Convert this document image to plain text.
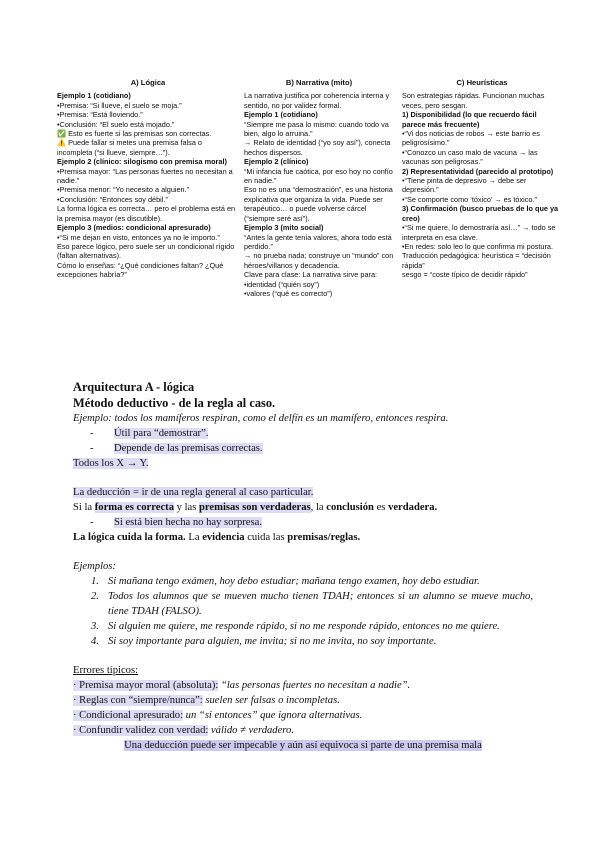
A) Lógica

Ejemplo 1 (cotidiano)

•Premisa: “Si llueve, el suelo se moja.”

•Premisa: “Está lloviendo.”

•Conclusión: “El suelo está mojado.”

✅ Esto es fuerte si las premisas son correctas.

⚠️ Puede fallar si metes una premisa falsa o incompleta (“si llueve, siempre…”).

Ejemplo 2 (clínico: silogismo con premisa moral)

•Premisa mayor: “Las personas fuertes no necesitan a nadie.”

•Premisa menor: “Yo necesito a alguien.”

•Conclusión: “Entonces soy débil.”

La forma lógica es correcta… pero el problema está en la premisa mayor (es discutible).

Ejemplo 3 (medios: condicional apresurado)

•“Si me dejan en visto, entonces ya no le importo.”

Eso parece lógico, pero suele ser un condicional rígido (faltan alternativas).

Cómo lo enseñas: “¿Qué condiciones faltan? ¿Qué excepciones habría?”

B) Narrativa (mito)

La narrativa justifica por coherencia interna y sentido, no por validez formal.

Ejemplo 1 (cotidiano)

“Siempre me pasa lo mismo: cuando todo va bien, algo lo arruina.”

→ Relato de identidad (“yo soy así”), conecta hechos dispersos.

Ejemplo 2 (clínico)

“Mi infancia fue caótica, por eso hoy no confío en nadie.”

Eso no es una “demostración”, es una historia explicativa que organiza la vida. Puede ser terapéutico… o puede volverse cárcel (“siempre seré así”).

Ejemplo 3 (mito social)

“Antes la gente tenía valores, ahora todo está perdido.”

→ no prueba nada; construye un “mundo” con héroes/villanos y decadencia.

Clave para clase: La narrativa sirve para:

•identidad (“quién soy”)

•valores (“qué es correcto”)

C) Heurísticas

Son estrategias rápidas. Funcionan muchas veces, pero sesgan.

1) Disponibilidad (lo que recuerdo fácil parece más frecuente)

•“Vi dos noticias de robos → este barrio es peligrosísimo.”

•“Conozco un caso malo de vacuna → las vacunas son peligrosas.”

2) Representatividad (parecido al prototipo)

•“Tiene pinta de depresivo → debe ser depresión.”

•“Se comporte como ‘tóxico’ → es tóxico.”

3) Confirmación (busco pruebas de lo que ya creo)

•“Si me quiere, lo demostraría así…” → todo se interpreta en esa clave.

•En redes: solo leo lo que confirma mi postura.

Traducción pedagógica: heurística = “decisión rápida”

sesgo = “coste típico de decidir rápido”

Arquitectura A - lógica

Método deductivo - de la regla al caso.

Ejemplo: todos los mamíferos respiran, como el delfín es un mamífero, entonces respira.

- Útil para “demostrar”.

- Depende de las premisas correctas.

Todos los X → Y.

La deducción = ir de una regla general al caso particular.

Si la forma es correcta y las premisas son verdaderas, la conclusión es verdadera.

- Si está bien hecha no hay sorpresa.

La lógica cuida la forma. La evidencia cuida las premisas/reglas.

Ejemplos:

1. Si mañana tengo exámen, hoy debo estudiar; mañana tengo examen, hoy debo estudiar.
2. Todos los alumnos que se mueven mucho tienen TDAH; entonces si un alumno se mueve mucho, tiene TDAH (FALSO).
3. Si alguien me quiere, me responde rápido, si no me responde rápido, entonces no me quiere.
4. Si soy importante para alguien, me invita; si no me invita, no soy importante.

Errores típicos:

· Premisa mayor moral (absoluta): “las personas fuertes no necesitan a nadie”.

· Reglas con “siempre/nunca”: suelen ser falsas o incompletas.

· Condicional apresurado: un “si entonces” que ignora alternativas.

· Confundir validez con verdad: válido ≠ verdadero.

Una deducción puede ser impecable y aún así equivoca si parte de una premisa mala
